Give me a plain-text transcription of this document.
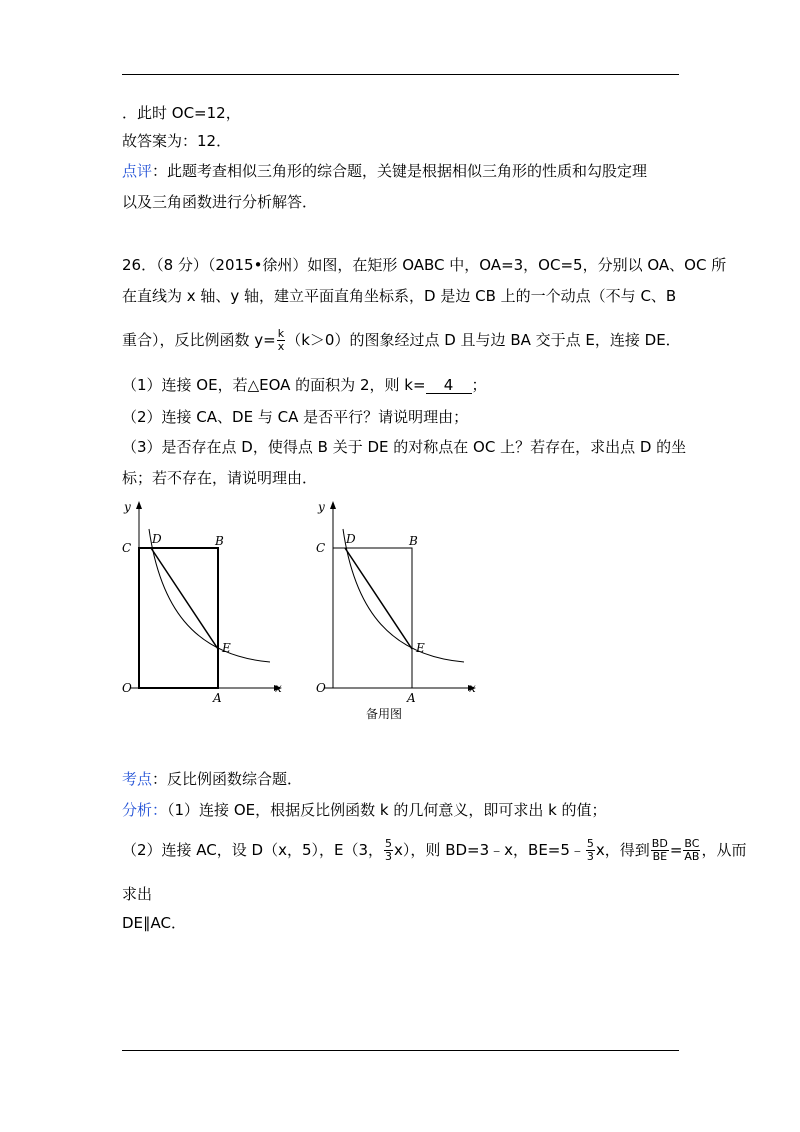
．此时 OC=12，
故答案为：12．
点评：此题考查相似三角形的综合题，关键是根据相似三角形的性质和勾股定理
以及三角函数进行分析解答．
26．（8 分）（2015•徐州）如图，在矩形 OABC 中，OA=3，OC=5，分别以 OA、OC 所
在直线为 x 轴、y 轴，建立平面直角坐标系，D 是边 CB 上的一个动点（不与 C、B
重合），反比例函数 $y= \frac{k}{x} (k>0)$的图象经过点 D 且与边 BA 交于点 E，连接 DE．
（1）连接 OE，若△EOA 的面积为 2，则 k= 4 ；
（2）连接 CA、DE 与 CA 是否平行？请说明理由；
（3）是否存在点 D，使得点 B 关于 DE 的对称点在 OC 上？若存在，求出点 D 的坐
标；若不存在，请说明理由．
y
C
D	B
E
O
A
x
y
C
D	B
E
O
A
x
备用图
考点：反比例函数综合题．
分析：（1）连接 OE，根据反比例函数 k 的几何意义，即可求出 k 的值；
（2）连接 AC，设 D（x，5），E（3， $\frac{5}{3} x$），则 BD=3﹣x，BE=5﹣ $\frac{5}{3}$ x，得到 $\frac{BD}{BE} = \frac{BC}{AB}$ ，从而
求出
DE∥AC．
